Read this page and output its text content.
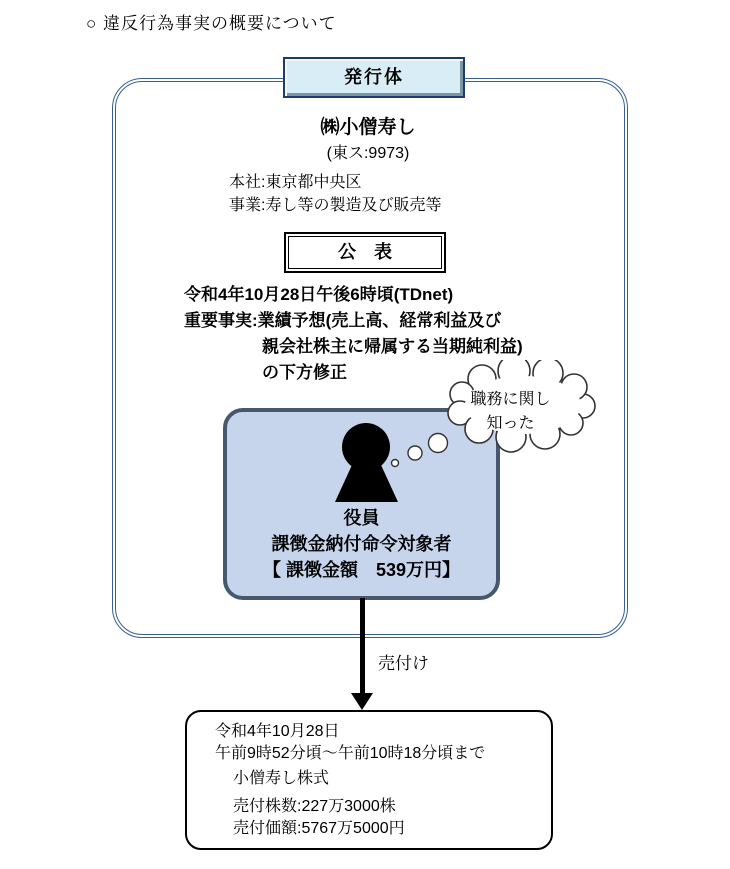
○ 違反行為事実の概要について
発行体
㈱小僧寿し
(東ス:9973)
本社:東京都中央区
事業:寿し等の製造及び販売等
公　表
令和4年10月28日午後6時頃(TDnet)
重要事実:業績予想(売上高、経常利益及び
親会社株主に帰属する当期純利益)
の下方修正
役員
課徴金納付命令対象者
【 課徴金額　539万円】
職務に関し
知った
売付け
令和4年10月28日
午前9時52分頃〜午前10時18分頃まで
小僧寿し株式
売付株数:227万3000株
売付価額:5767万5000円
